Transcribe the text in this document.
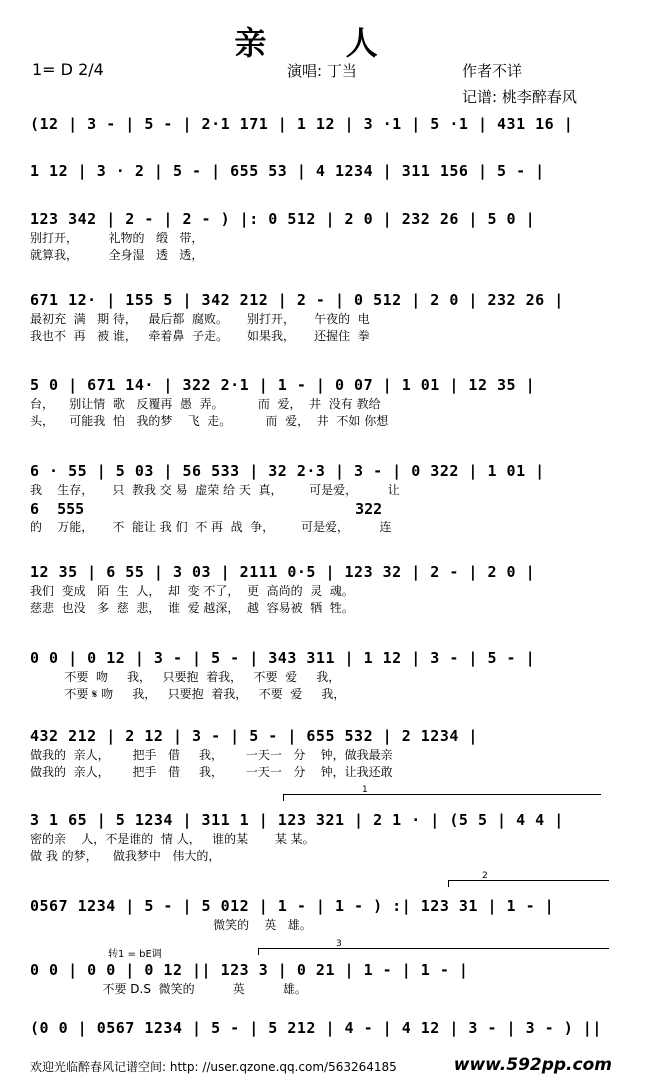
亲 人
1= D 2/4	演唱: 丁当	作者不详
记谱: 桃李醉春风
(12 | 3 - | 5 - | 2·1 171 | 1 12 | 3 ·1 | 5 ·1 | 431 16 |
1 12 | 3 · 2 | 5 - | 655 53 | 4 1234 | 311 156 | 5 - |
123 342 | 2 - | 2 - ) |: 0 512 | 2 0 | 232 26 | 5 0 |
别打开，        礼物的   缎   带，
就算我，        全身湿   透   透，
671 12· | 155 5 | 342 212 | 2 - | 0 512 | 2 0 | 232 26 |
最初充  满   期 待，   最后都  腐败。     别打开，     午夜的  电
我也不  再   被 谁，   牵着鼻  子走。     如果我，     还握住  拳
5 0 | 671 14· | 322 2·1 | 1 - | 0 07 | 1 01 | 12 35 |
台，    别让情  歌   反覆再  愚  弄。         而  爱，  井  没有 教给
头，    可能我  怕   我的梦    飞  走。         而  爱，  井  不如 你想
6 · 55 | 5 03 | 56 533 | 32 2·3 | 3 - | 0 322 | 1 01 |
我    生存，     只  教我 交 易  虚荣 给 天  真，       可是爱，        让
6  555                              322
的    万能，     不  能让 我 们  不 再  战  争，       可是爱，        连
12 35 | 6 55 | 3 03 | 2111 0·5 | 123 32 | 2 - | 2 0 |
我们  变成   陌  生  人，  却  变 不了，  更  高尚的  灵  魂。
慈悲  也没   多  慈  悲，  谁  爱 越深，  越  容易被  牺  牲。
0 0 | 0 12 | 3 - | 5 - | 343 311 | 1 12 | 3 - | 5 - |
不要  吻     我，   只要抱  着我，   不要  爱     我，
不要 𝄋 吻     我，   只要抱  着我，   不要  爱     我，
432 212 | 2 12 | 3 - | 5 - | 655 532 | 2 1234 |
做我的  亲人，      把手   借     我，      一天一   分    钟，做我最亲
做我的  亲人，      把手   借     我，      一天一   分    钟，让我还敢
3 1 65 | 5 1234 | 311 1 | 123 321 | 2 1 · | (5 5 | 4 4 |
密的亲    人，不是谁的  情 人，   谁的某       某 某。
做 我 的梦，    做我梦中   伟大的，
0567 1234 | 5 - | 5 012 | 1 - | 1 - ) :| 123 31 | 1 - |
微笑的    英   雄。
0 0 | 0 0 | 0 12 || 123 3 | 0 21 | 1 - | 1 - |
不要 D.S  微笑的          英          雄。
(0 0 | 0567 1234 | 5 - | 5 212 | 4 - | 4 12 | 3 - | 3 - ) ||
转1 = bE调
1
2
3
欢迎光临醉春风记谱空间: http: //user.qzone.qq.com/563264185	www.592pp.com
